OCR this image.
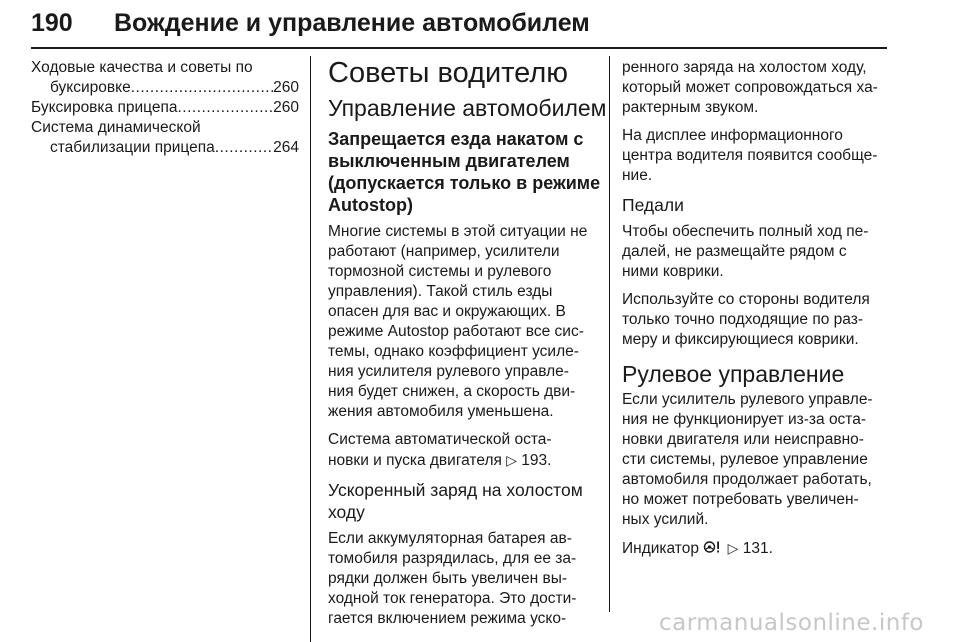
190 Вождение и управление автомобилем
Ходовые качества и советы по
буксировке .....	260
Буксировка прицепа .....	260
Система динамической
стабилизации прицепа .....	264
Советы водителю
Управление автомобилем
Запрещается езда накатом с
выключенным двигателем
(допускается только в режиме
Autostop)
Многие системы в этой ситуации не
работают (например, усилители
тормозной системы и рулевого
управления). Такой стиль езды
опасен для вас и окружающих. В
режиме Autostop работают все сис-
темы, однако коэффициент усиле-
ния усилителя рулевого управле-
ния будет снижен, а скорость дви-
жения автомобиля уменьшена.
Система автоматической оста-
новки и пуска двигателя ▷ 193.
Ускоренный заряд на холостом
ходу
Если аккумуляторная батарея ав-
томобиля разрядилась, для ее за-
рядки должен быть увеличен вы-
ходной ток генератора. Это дости-
гается включением режима уско-
ренного заряда на холостом ходу,
который может сопровождаться ха-
рактерным звуком.
На дисплее информационного
центра водителя появится сообще-
ние.
Педали
Чтобы обеспечить полный ход пе-
далей, не размещайте рядом с
ними коврики.
Используйте со стороны водителя
только точно подходящие по раз-
меру и фиксирующиеся коврики.
Рулевое управление
Если усилитель рулевого управле-
ния не функционирует из-за оста-
новки двигателя или неисправно-
сти системы, рулевое управление
автомобиля продолжает работать,
но может потребовать увеличен-
ных усилий.
Индикатор ▷ 131.
carmanualsonline.info
